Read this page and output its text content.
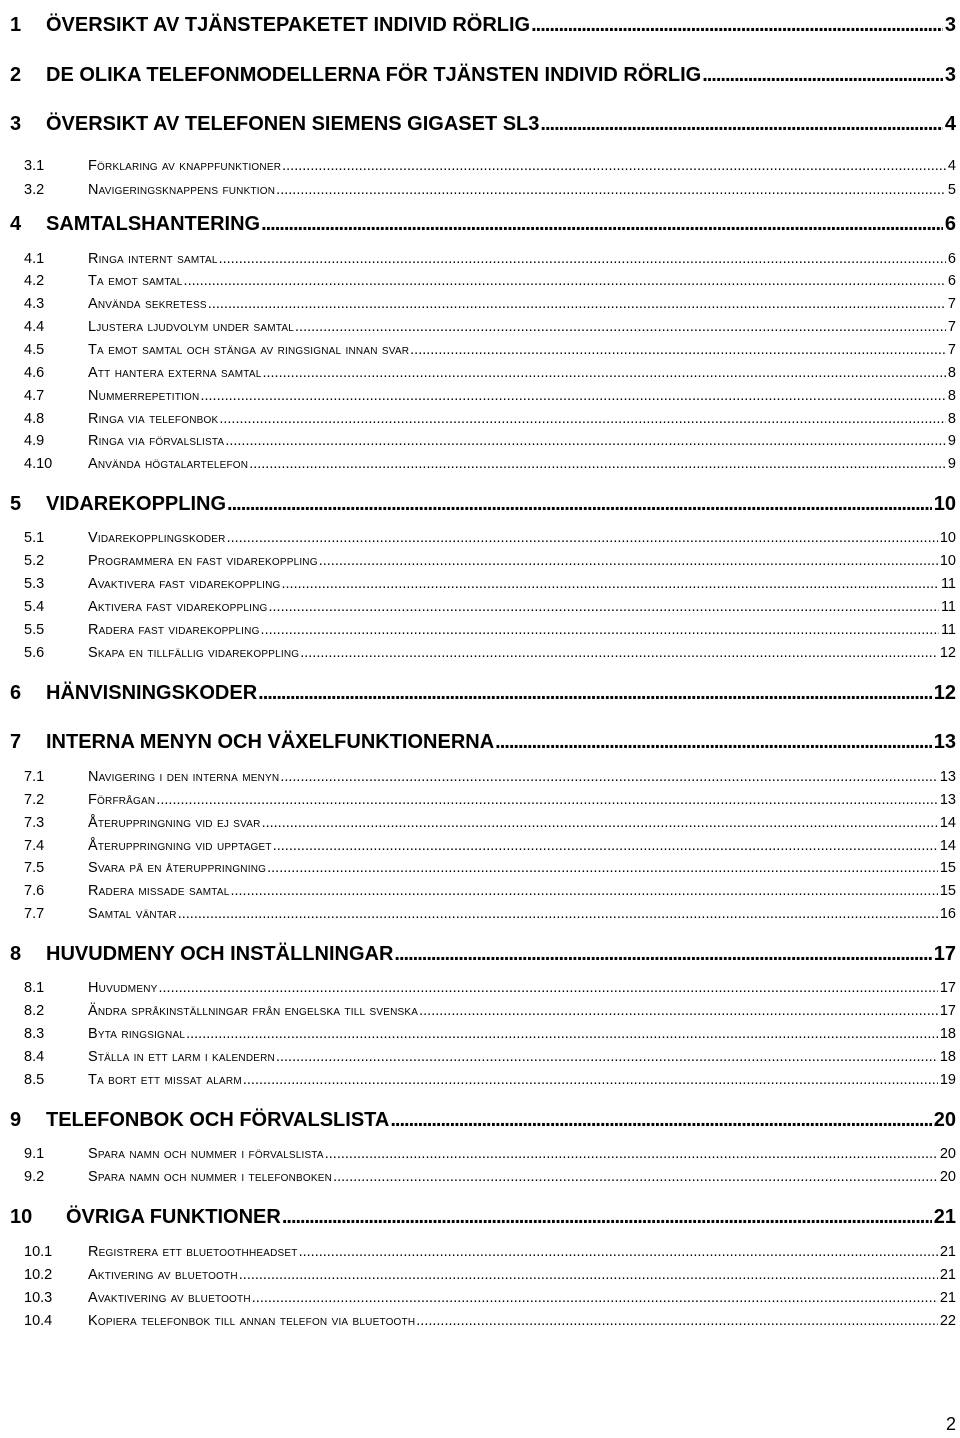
1	ÖVERSIKT AV TJÄNSTEPAKETET INDIVID RÖRLIG .....	3
2	DE OLIKA TELEFONMODELLERNA FÖR TJÄNSTEN INDIVID RÖRLIG .....	3
3	ÖVERSIKT AV TELEFONEN SIEMENS GIGASET SL3 .....	4
3.1	Förklaring av knappfunktioner .....	4
3.2	Navigeringsknappens funktion .....	5
4	SAMTALSHANTERING .....	6
4.1	Ringa internt samtal .....	6
4.2	Ta emot samtal .....	6
4.3	Använda sekretess .....	7
4.4	Ljustera ljudvolym under samtal .....	7
4.5	Ta emot samtal och stänga av ringsignal innan svar .....	7
4.6	Att hantera externa samtal .....	8
4.7	Nummerrepetition .....	8
4.8	Ringa via telefonbok .....	8
4.9	Ringa via förvalslista .....	9
4.10	Använda högtalartelefon .....	9
5	VIDAREKOPPLING .....	10
5.1	Vidarekopplingskoder .....	10
5.2	Programmera en fast vidarekoppling .....	10
5.3	Avaktivera fast vidarekoppling .....	11
5.4	Aktivera fast vidarekoppling .....	11
5.5	Radera fast vidarekoppling .....	11
5.6	Skapa en tillfällig vidarekoppling .....	12
6	HÄNVISNINGSKODER .....	12
7	INTERNA MENYN OCH VÄXELFUNKTIONERNA .....	13
7.1	Navigering i den interna menyn .....	13
7.2	Förfrågan .....	13
7.3	Återuppringning vid ej svar .....	14
7.4	Återuppringning vid upptaget .....	14
7.5	Svara på en återuppringning .....	15
7.6	Radera missade samtal .....	15
7.7	Samtal väntar .....	16
8	HUVUDMENY OCH INSTÄLLNINGAR .....	17
8.1	Huvudmeny .....	17
8.2	Ändra språkinställningar från engelska till svenska .....	17
8.3	Byta ringsignal .....	18
8.4	Ställa in ett larm i kalendern .....	18
8.5	Ta bort ett missat alarm .....	19
9	TELEFONBOK OCH FÖRVALSLISTA .....	20
9.1	Spara namn och nummer i förvalslista .....	20
9.2	Spara namn och nummer i telefonboken .....	20
10	ÖVRIGA FUNKTIONER .....	21
10.1	Registrera ett bluetoothheadset .....	21
10.2	Aktivering av bluetooth .....	21
10.3	Avaktivering av bluetooth .....	21
10.4	Kopiera telefonbok till annan telefon via bluetooth .....	22
2
